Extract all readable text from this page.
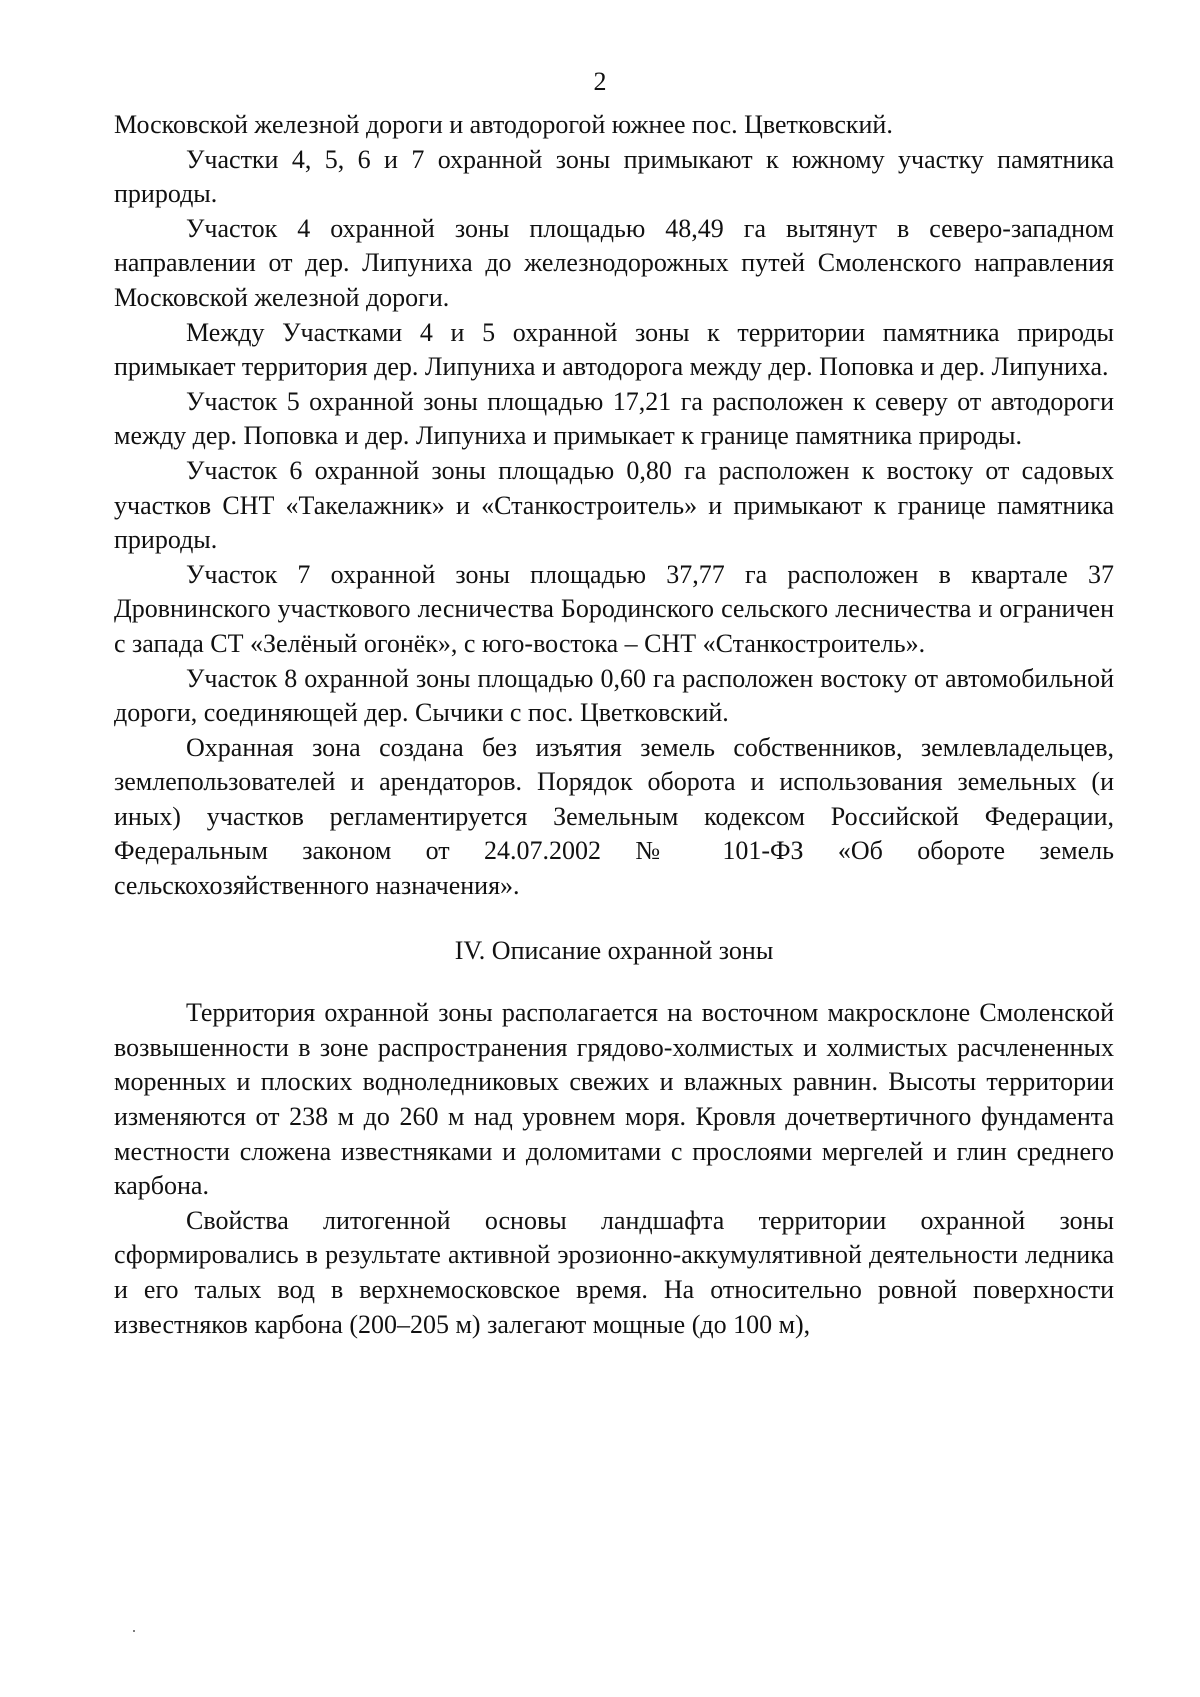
2

Московской железной дороги и автодорогой южнее пос. Цветковский.

Участки 4, 5, 6 и 7 охранной зоны примыкают к южному участку памятника природы.

Участок 4 охранной зоны площадью 48,49 га вытянут в северо-западном направлении от дер. Липуниха до железнодорожных путей Смоленского направления Московской железной дороги.

Между Участками 4 и 5 охранной зоны к территории памятника природы примыкает территория дер. Липуниха и автодорога между дер. Поповка и дер. Липуниха.

Участок 5 охранной зоны площадью 17,21 га расположен к северу от автодороги между дер. Поповка и дер. Липуниха и примыкает к границе памятника природы.

Участок 6 охранной зоны площадью 0,80 га расположен к востоку от садовых участков СНТ «Такелажник» и «Станкостроитель» и примыкают к границе памятника природы.

Участок 7 охранной зоны площадью 37,77 га расположен в квартале 37 Дровнинского участкового лесничества Бородинского сельского лесничества и ограничен с запада СТ «Зелёный огонёк», с юго-востока – СНТ «Станкостроитель».

Участок 8 охранной зоны площадью 0,60 га расположен востоку от автомобильной дороги, соединяющей дер. Сычики с пос. Цветковский.

Охранная зона создана без изъятия земель собственников, землевладельцев, землепользователей и арендаторов. Порядок оборота и использования земельных (и иных) участков регламентируется Земельным кодексом Российской Федерации, Федеральным законом от 24.07.2002 № 101-ФЗ «Об обороте земель сельскохозяйственного назначения».

IV. Описание охранной зоны

Территория охранной зоны располагается на восточном макросклоне Смоленской возвышенности в зоне распространения грядово-холмистых и холмистых расчлененных моренных и плоских водноледниковых свежих и влажных равнин. Высоты территории изменяются от 238 м до 260 м над уровнем моря. Кровля дочетвертичного фундамента местности сложена известняками и доломитами с прослоями мергелей и глин среднего карбона.

Свойства литогенной основы ландшафта территории охранной зоны сформировались в результате активной эрозионно-аккумулятивной деятельности ледника и его талых вод в верхнемосковское время. На относительно ровной поверхности известняков карбона (200–205 м) залегают мощные (до 100 м),
